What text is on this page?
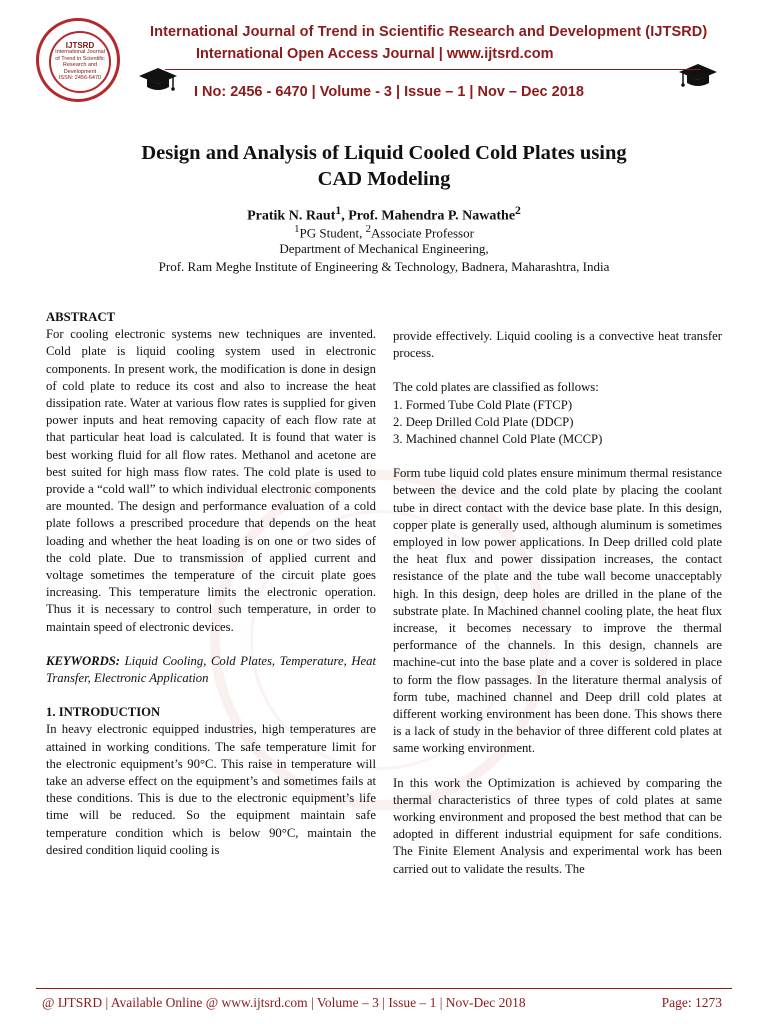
IJTSRD
International Journal
of Trend in Scientific
Research and
Development
ISSN: 2456-6470
International Journal of Trend in Scientific Research and Development (IJTSRD)
International Open Access Journal | www.ijtsrd.com
I No: 2456 - 6470 | Volume - 3 | Issue – 1 | Nov – Dec 2018
Design and Analysis of Liquid Cooled Cold Plates using
CAD Modeling
Pratik N. Raut$^1$, Prof. Mahendra P. Nawathe$^2$
$^1$PG Student, $^2$Associate Professor
Department of Mechanical Engineering,
Prof. Ram Meghe Institute of Engineering & Technology, Badnera, Maharashtra, India

ABSTRACT

For cooling electronic systems new techniques are invented. Cold plate is liquid cooling system used in electronic components. In present work, the modification is done in design of cold plate to reduce its cost and also to increase the heat dissipation rate. Water at various flow rates is supplied for given power inputs and heat removing capacity of each flow rate at that particular heat load is calculated. It is found that water is best working fluid for all flow rates. Methanol and acetone are best suited for high mass flow rates. The cold plate is used to provide a “cold wall” to which individual electronic components are mounted. The design and performance evaluation of a cold plate follows a prescribed procedure that depends on the heat loading and whether the heat loading is on one or two sides of the cold plate. Due to transmission of applied current and voltage sometimes the temperature of the circuit plate goes increasing. This temperature limits the electronic operation. Thus it is necessary to control such temperature, in order to maintain speed of electronic devices.

KEYWORDS: Liquid Cooling, Cold Plates, Temperature, Heat Transfer, Electronic Application

1. INTRODUCTION

In heavy electronic equipped industries, high temperatures are attained in working conditions. The safe temperature limit for the electronic equipment’s 90°C. This raise in temperature will take an adverse effect on the equipment’s and sometimes fails at these conditions. This is due to the electronic equipment’s life time will be reduced. So the equipment maintain safe temperature condition which is below 90°C, maintain the desired condition liquid cooling is

provide effectively. Liquid cooling is a convective heat transfer process.

The cold plates are classified as follows:

1. Formed Tube Cold Plate (FTCP)

2. Deep Drilled Cold Plate (DDCP)

3. Machined channel Cold Plate (MCCP)

Form tube liquid cold plates ensure minimum thermal resistance between the device and the cold plate by placing the coolant tube in direct contact with the device base plate. In this design, copper plate is generally used, although aluminum is sometimes employed in low power applications. In Deep drilled cold plate the heat flux and power dissipation increases, the contact resistance of the plate and the tube wall become unacceptably high. In this design, deep holes are drilled in the plane of the substrate plate. In Machined channel cooling plate, the heat flux increase, it becomes necessary to improve the thermal performance of the channels. In this design, channels are machine-cut into the base plate and a cover is soldered in place to form the flow passages. In the literature thermal analysis of form tube, machined channel and Deep drill cold plates at different working environment has been done. This shows there is a lack of study in the behavior of three different cold plates at same working environment.

In this work the Optimization is achieved by comparing the thermal characteristics of three types of cold plates at same working environment and proposed the best method that can be adopted in different industrial equipment for safe conditions. The Finite Element Analysis and experimental work has been carried out to validate the results. The

@ IJTSRD | Available Online @ www.ijtsrd.com | Volume – 3 | Issue – 1 | Nov-Dec 2018	Page: 1273
